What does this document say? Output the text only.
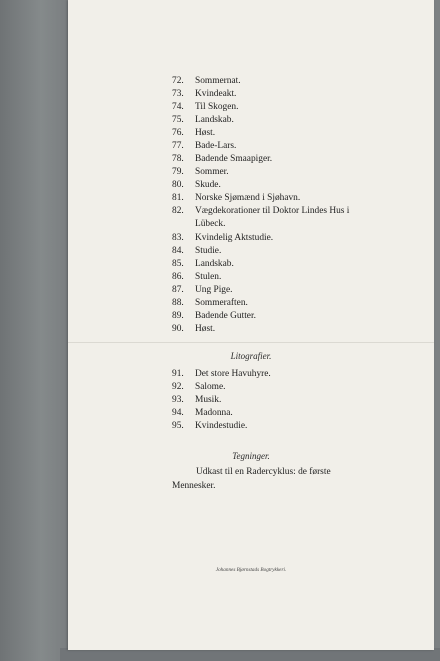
72.	Sommernat.
73.	Kvindeakt.
74.	Til Skogen.
75.	Landskab.
76.	Høst.
77.	Bade-Lars.
78.	Badende Smaapiger.
79.	Sommer.
80.	Skude.
81.	Norske Sjømænd i Sjøhavn.
82.	Vægdekorationer til Doktor Lindes Hus i Lübeck.
83.	Kvindelig Aktstudie.
84.	Studie.
85.	Landskab.
86.	Stulen.
87.	Ung Pige.
88.	Sommeraften.
89.	Badende Gutter.
90.	Høst.
Litografier.
91.	Det store Havuhyre.
92.	Salome.
93.	Musik.
94.	Madonna.
95.	Kvindestudie.
Tegninger.

Udkast til en Radercyklus: de første Mennesker.

Johannes Bjørnstads Bogtrykkeri.
